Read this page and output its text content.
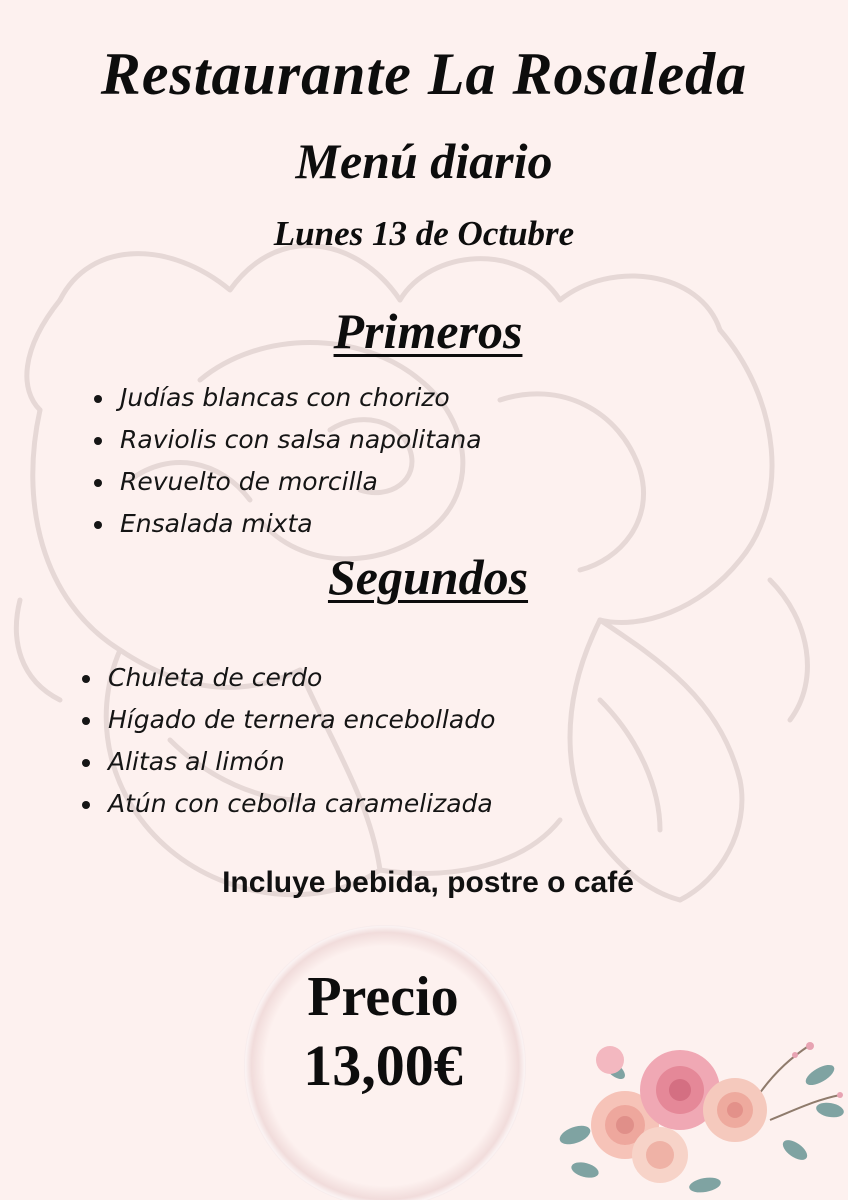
Restaurante La Rosaleda
Menú diario
Lunes 13 de Octubre
Primeros
Judías blancas con chorizo
Raviolis con salsa napolitana
Revuelto de morcilla
Ensalada mixta
Segundos
Chuleta de cerdo
Hígado de ternera encebollado
Alitas al limón
Atún con cebolla caramelizada
Incluye bebida, postre o café
Precio
13,00€
